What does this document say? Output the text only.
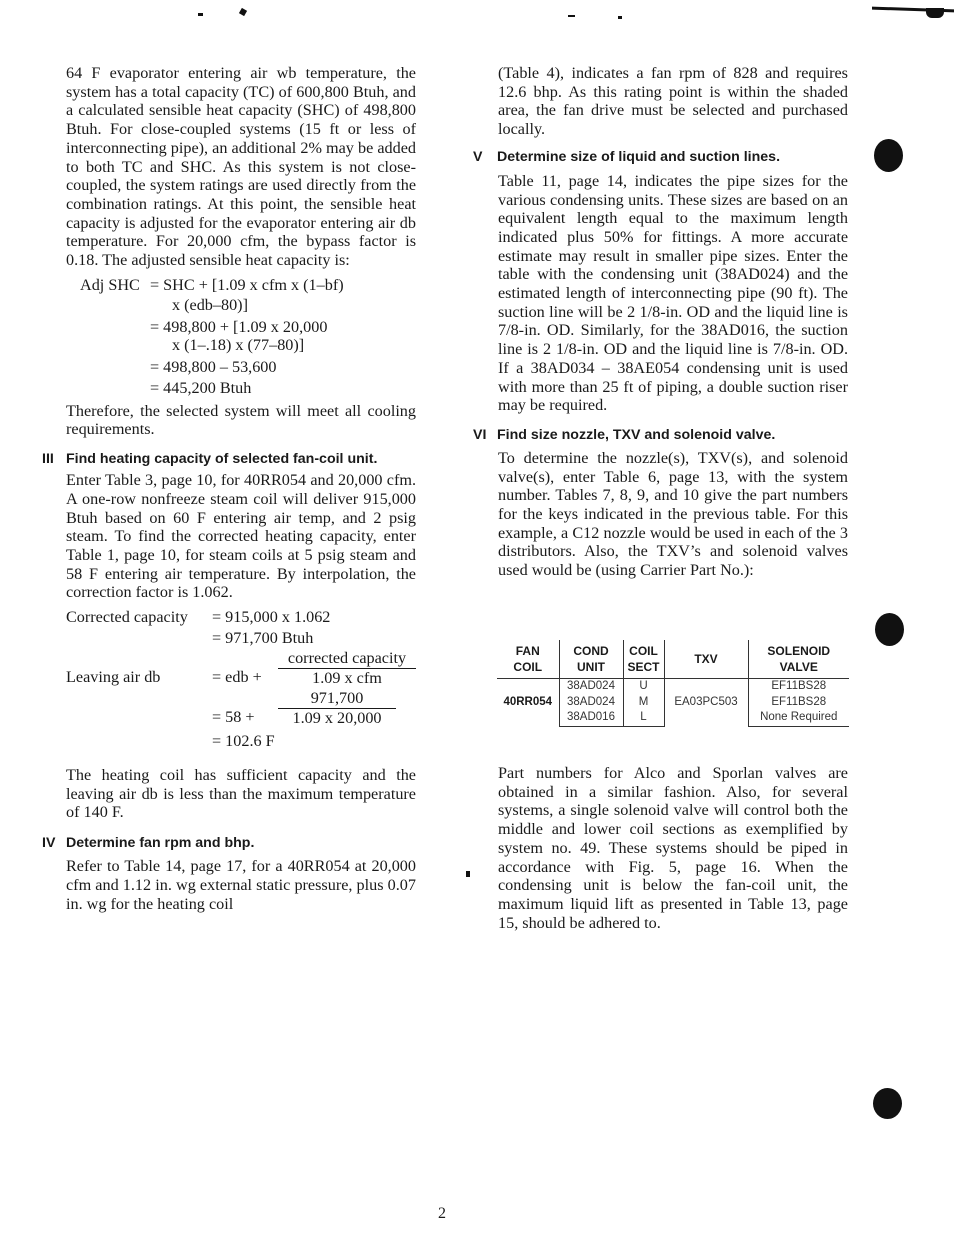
64 F evaporator entering air wb temperature, the system has a total capacity (TC) of 600,800 Btuh, and a calculated sensible heat capacity (SHC) of 498,800 Btuh. For close-coupled systems (15 ft or less of interconnecting pipe), an additional 2% may be added to both TC and SHC. As this system is not close-coupled, the system ratings are used directly from the combination ratings. At this point, the sensible heat capacity is adjusted for the evaporator entering air db temperature. For 20,000 cfm, the bypass factor is 0.18. The adjusted sensible heat capacity is:

Adj SHC = SHC + [1.09 x cfm x (1–bf)
x (edb–80)]
= 498,800 + [1.09 x 20,000
x (1–.18) x (77–80)]
= 498,800 – 53,600
= 445,200 Btuh

Therefore, the selected system will meet all cooling requirements.

III Find heating capacity of selected fan-coil unit.

Enter Table 3, page 10, for 40RR054 and 20,000 cfm. A one-row nonfreeze steam coil will deliver 915,000 Btuh based on 60 F entering air temp, and 2 psig steam. To find the corrected heating capacity, enter Table 1, page 10, for steam coils at 5 psig steam and 58 F entering air temperature. By interpolation, the correction factor is 1.062.

Corrected capacity = 915,000 x 1.062
= 971,700 Btuh
Leaving air db	= edb +
corrected capacity
1.09 x cfm
= $58 + \frac{971,700}{1.09 x 20,000}$
= 102.6 F

The heating coil has sufficient capacity and the leaving air db is less than the maximum temperature of 140 F.

IV Determine fan rpm and bhp.

Refer to Table 14, page 17, for a 40RR054 at 20,000 cfm and 1.12 in. wg external static pressure, plus 0.07 in. wg for the heating coil

(Table 4), indicates a fan rpm of 828 and requires 12.6 bhp. As this rating point is within the shaded area, the fan drive must be selected and purchased locally.

V Determine size of liquid and suction lines.

Table 11, page 14, indicates the pipe sizes for the various condensing units. These sizes are based on an equivalent length equal to the maximum length indicated plus 50% for fittings. A more accurate estimate may result in smaller pipe sizes. Enter the table with the condensing unit (38AD024) and the estimated length of interconnecting pipe (90 ft). The suction line will be 2 1/8-in. OD and the liquid line is 7/8-in. OD. Similarly, for the 38AD016, the suction line is 2 1/8-in. OD and the liquid line is 7/8-in. OD. If a 38AD034 – 38AE054 condensing unit is used with more than 25 ft of piping, a double suction riser may be required.

VI Find size nozzle, TXV and solenoid valve.

To determine the nozzle(s), TXV(s), and solenoid valve(s), enter Table 6, page 13, with the system number. Tables 7, 8, 9, and 10 give the part numbers for the keys indicated in the previous table. For this example, a C12 nozzle would be used in each of the 3 distributors. Also, the TXV’s and solenoid valves used would be (using Carrier Part No.):

FAN
COIL	COND
UNIT	COIL
SECT	TXV	SOLENOID
VALVE
40RR054	38AD024	U	EA03PC503	EF11BS28
	38AD024	M		EF11BS28
	38AD016	L		None Required

Part numbers for Alco and Sporlan valves are obtained in a similar fashion. Also, for several systems, a single solenoid valve will control both the middle and lower coil sections as exemplified by system no. 49. These systems should be piped in accordance with Fig. 5, page 16. When the condensing unit is below the fan-coil unit, the maximum liquid lift as presented in Table 13, page 15, should be adhered to.

2
